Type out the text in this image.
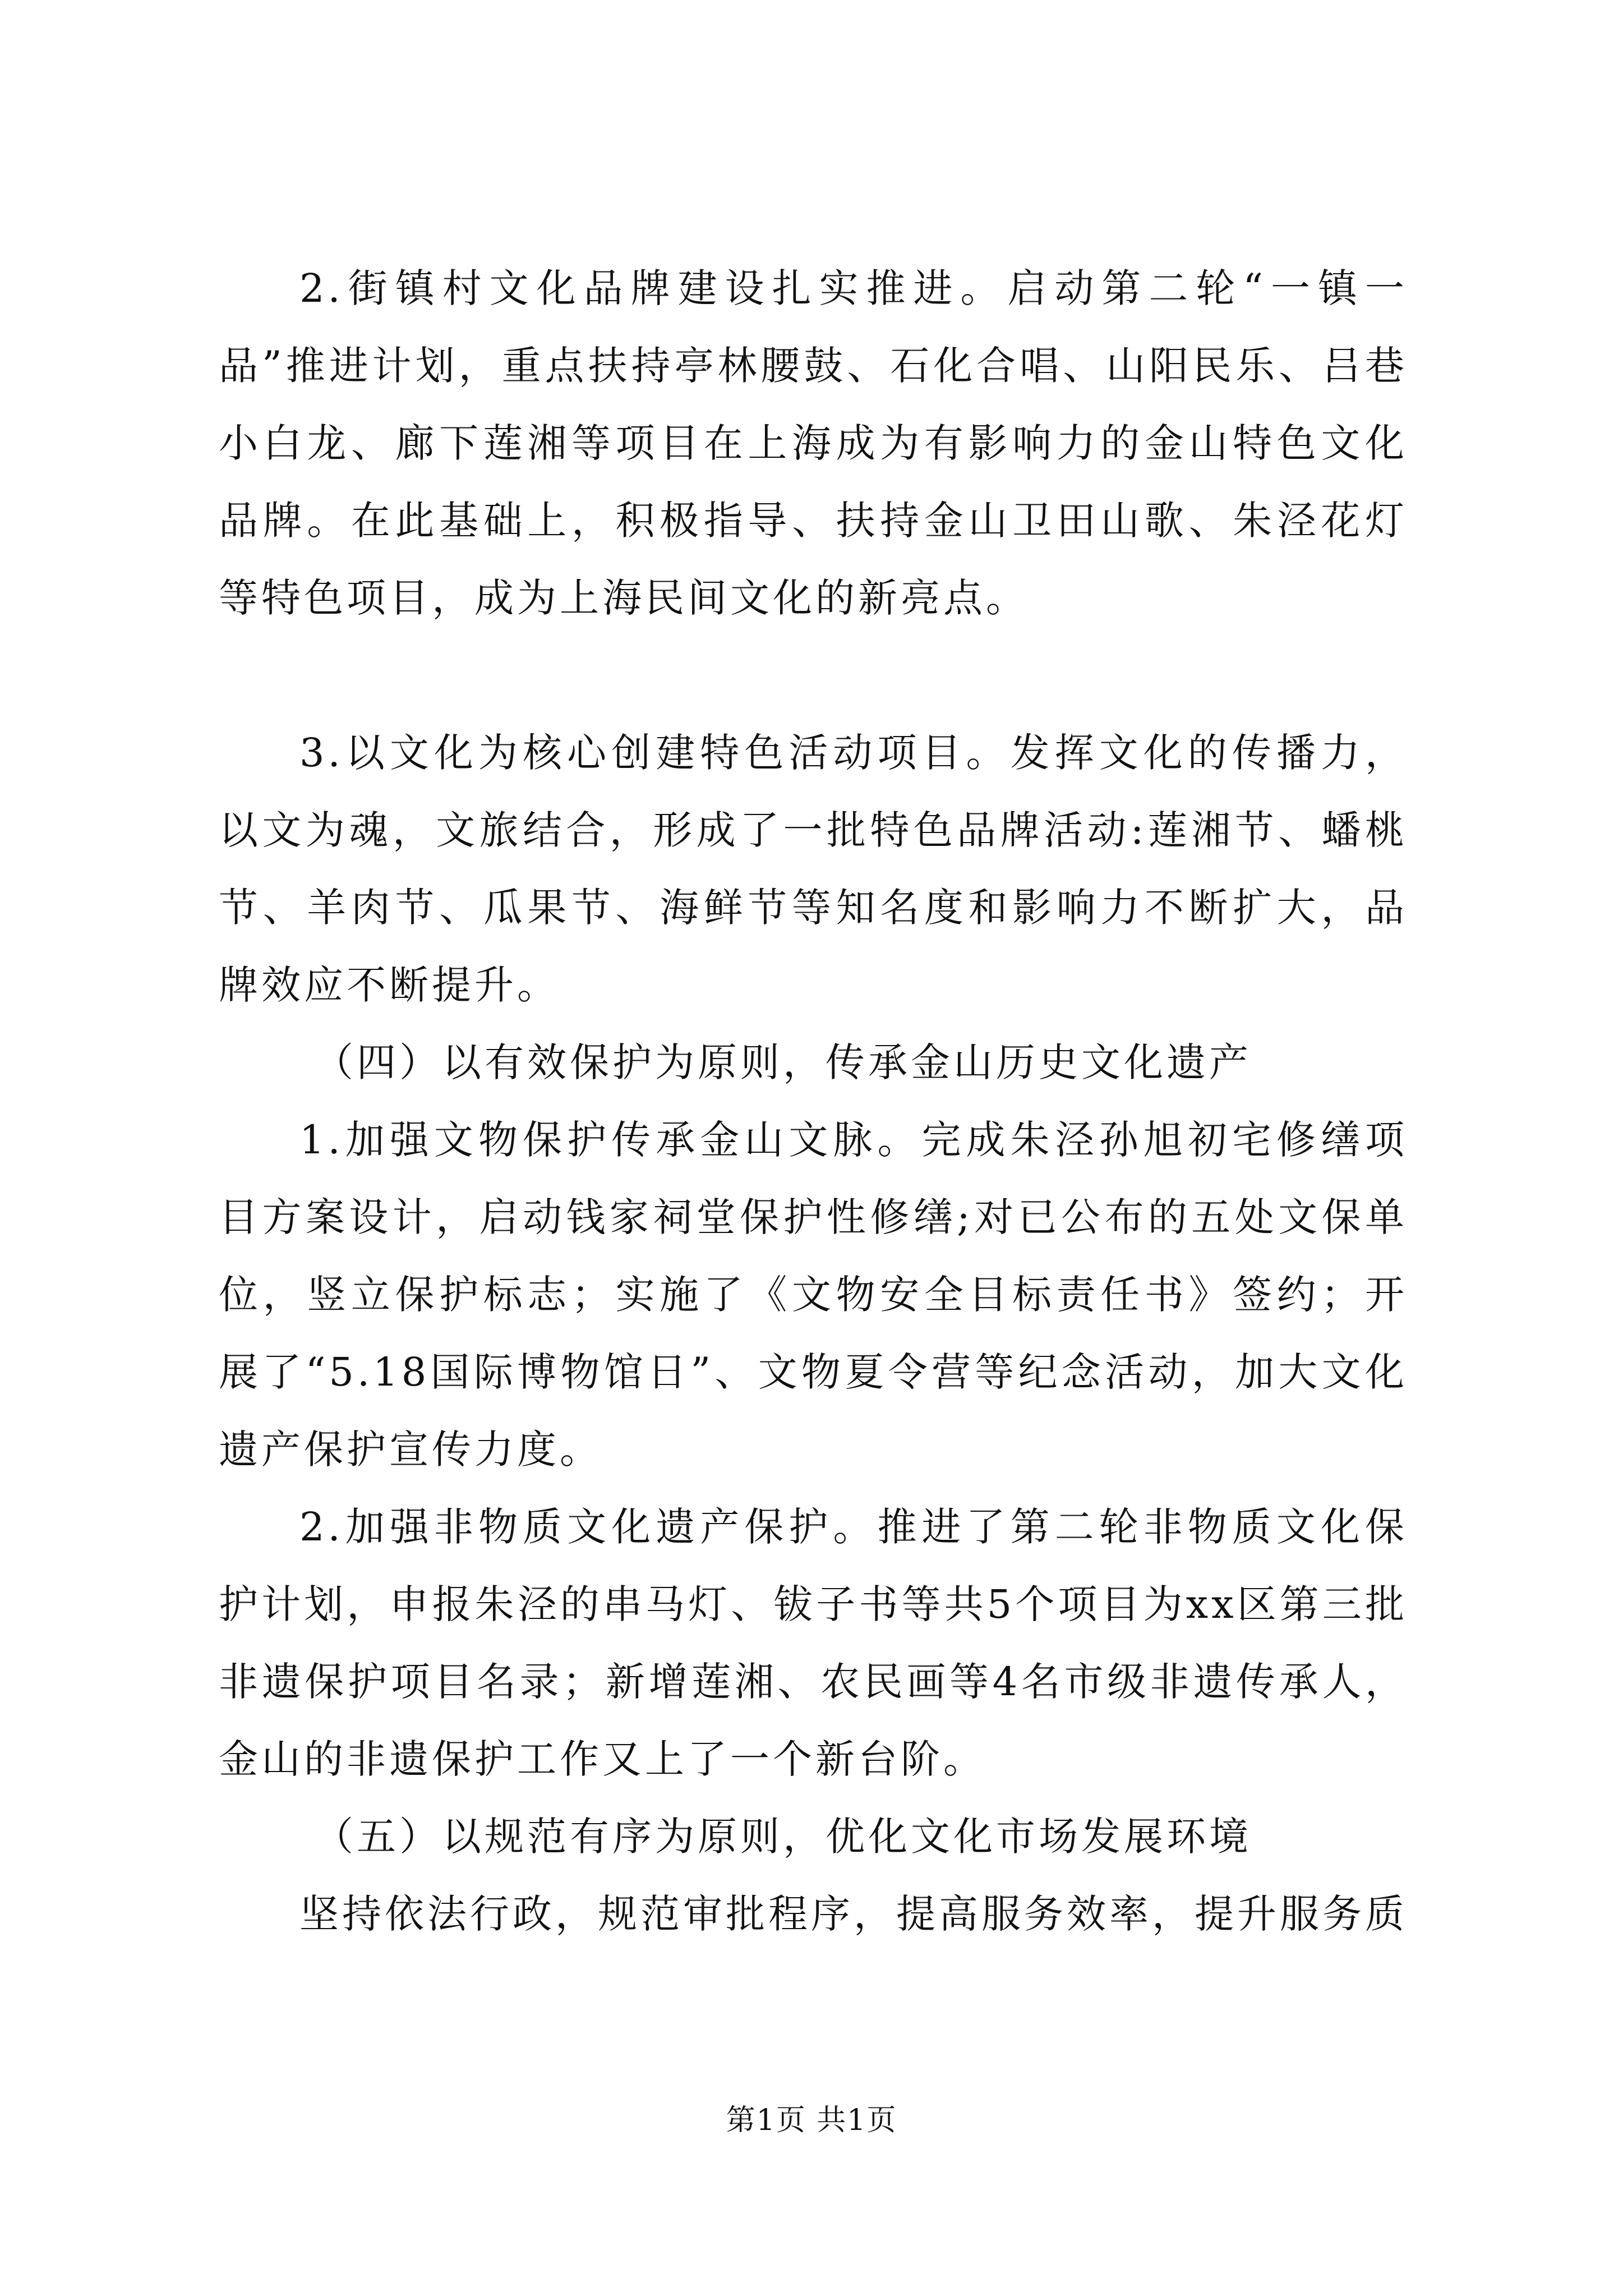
2.街镇村文化品牌建设扎实推进。启动第二轮“一镇一品”推进计划，重点扶持亭林腰鼓、石化合唱、山阳民乐、吕巷小白龙、廊下莲湘等项目在上海成为有影响力的金山特色文化品牌。在此基础上，积极指导、扶持金山卫田山歌、朱泾花灯等特色项目，成为上海民间文化的新亮点。

3.以文化为核心创建特色活动项目。发挥文化的传播力，以文为魂，文旅结合，形成了一批特色品牌活动:莲湘节、蟠桃节、羊肉节、瓜果节、海鲜节等知名度和影响力不断扩大，品牌效应不断提升。

（四）以有效保护为原则，传承金山历史文化遗产

1.加强文物保护传承金山文脉。完成朱泾孙旭初宅修缮项目方案设计，启动钱家祠堂保护性修缮;对已公布的五处文保单位，竖立保护标志；实施了《文物安全目标责任书》签约；开展了“5.18国际博物馆日”、文物夏令营等纪念活动，加大文化遗产保护宣传力度。

2.加强非物质文化遗产保护。推进了第二轮非物质文化保护计划，申报朱泾的串马灯、钹子书等共5个项目为xx区第三批非遗保护项目名录；新增莲湘、农民画等4名市级非遗传承人，金山的非遗保护工作又上了一个新台阶。

（五）以规范有序为原则，优化文化市场发展环境

坚持依法行政，规范审批程序，提高服务效率，提升服务质

第1页 共1页
